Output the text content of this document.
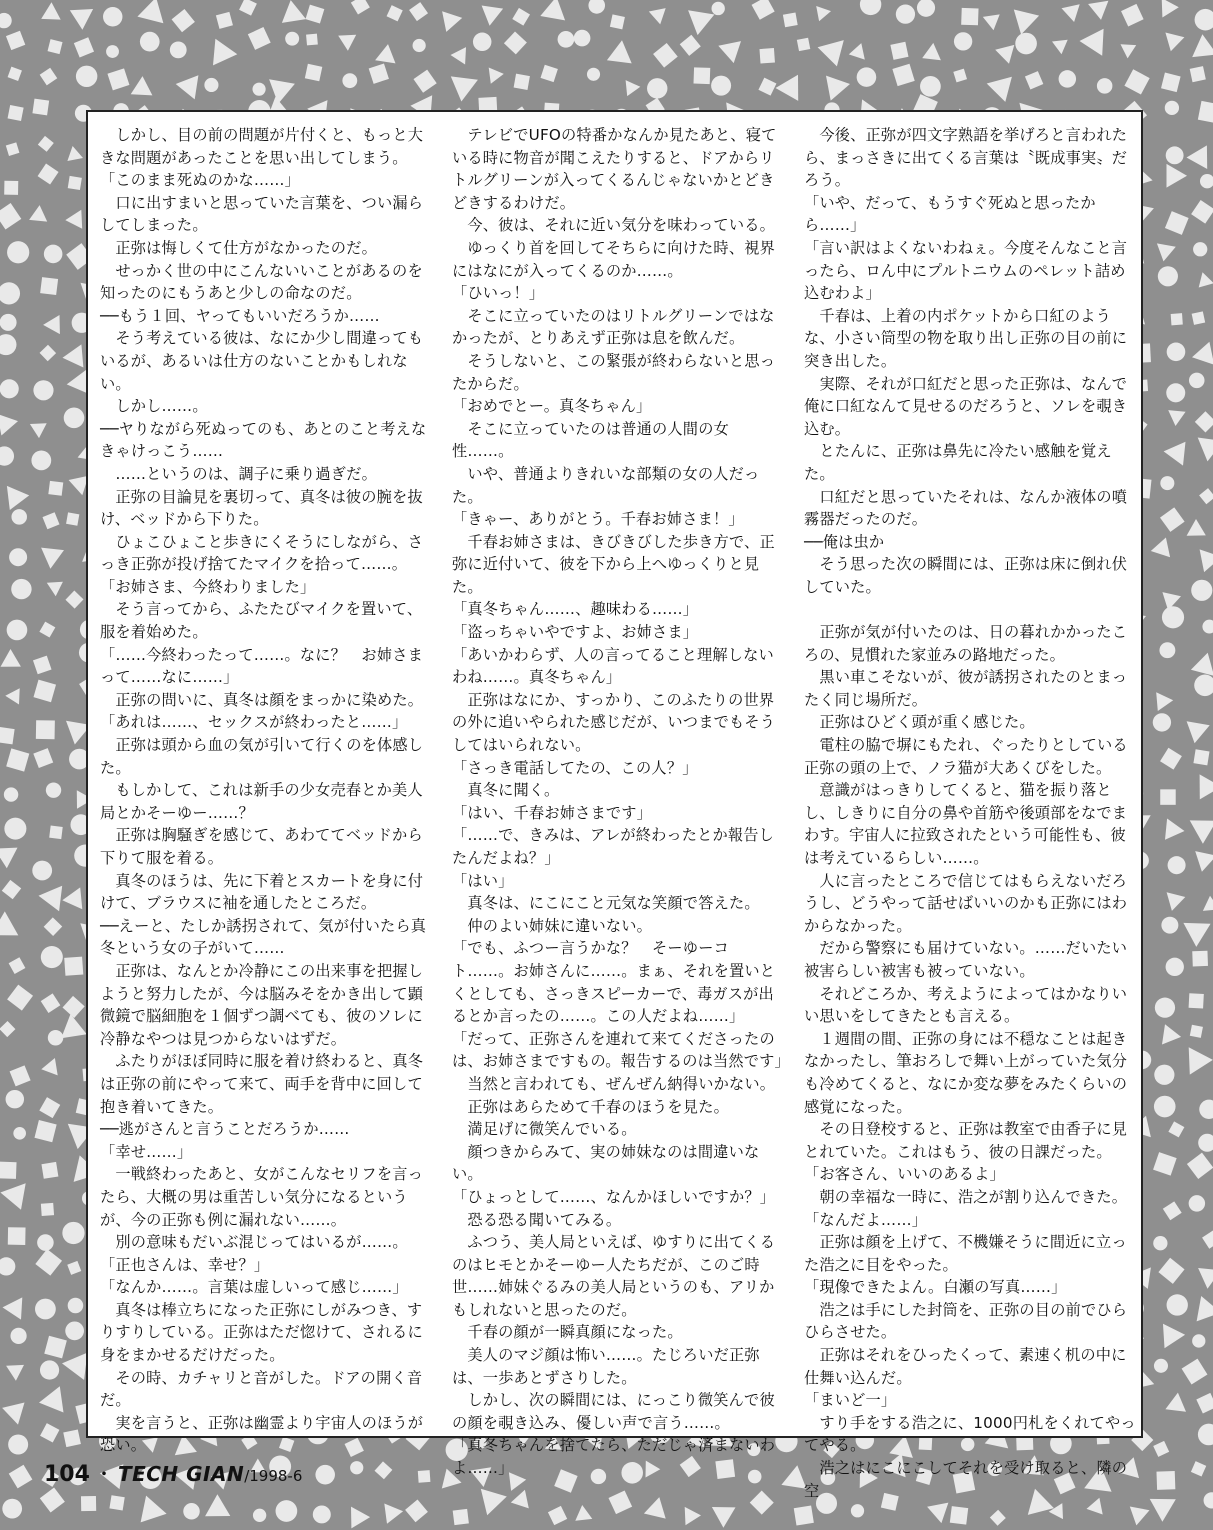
　しかし、目の前の問題が片付くと、もっと大きな問題があったことを思い出してしまう。

「このまま死ぬのかな……」

　口に出すまいと思っていた言葉を、つい漏らしてしまった。

　正弥は悔しくて仕方がなかったのだ。

　せっかく世の中にこんないいことがあるのを知ったのにもうあと少しの命なのだ。

──もう１回、ヤってもいいだろうか……

　そう考えている彼は、なにか少し間違ってもいるが、あるいは仕方のないことかもしれない。

　しかし……。

──ヤりながら死ぬってのも、あとのこと考えなきゃけっこう……

　……というのは、調子に乗り過ぎだ。

　正弥の目論見を裏切って、真冬は彼の腕を抜け、ベッドから下りた。

　ひょこひょこと歩きにくそうにしながら、さっき正弥が投げ捨てたマイクを拾って……。

「お姉さま、今終わりました」

　そう言ってから、ふたたびマイクを置いて、服を着始めた。

「……今終わったって……。なに？　お姉さまって……なに……」

　正弥の問いに、真冬は顔をまっかに染めた。

「あれは……、セックスが終わったと……」

　正弥は頭から血の気が引いて行くのを体感した。

　もしかして、これは新手の少女売春とか美人局とかそーゆー……？

　正弥は胸騒ぎを感じて、あわててベッドから下りて服を着る。

　真冬のほうは、先に下着とスカートを身に付けて、ブラウスに袖を通したところだ。

──えーと、たしか誘拐されて、気が付いたら真冬という女の子がいて……

　正弥は、なんとか冷静にこの出来事を把握しようと努力したが、今は脳みそをかき出して顕微鏡で脳細胞を１個ずつ調べても、彼のソレに冷静なやつは見つからないはずだ。

　ふたりがほぼ同時に服を着け終わると、真冬は正弥の前にやって来て、両手を背中に回して抱き着いてきた。

──逃がさんと言うことだろうか……

「幸せ……」

　一戦終わったあと、女がこんなセリフを言ったら、大概の男は重苦しい気分になるというが、今の正弥も例に漏れない……。

　別の意味もだいぶ混じってはいるが……。

「正也さんは、幸せ？」

「なんか……。言葉は虚しいって感じ……」

　真冬は棒立ちになった正弥にしがみつき、すりすりしている。正弥はただ惚けて、されるに身をまかせるだけだった。

　その時、カチャリと音がした。ドアの開く音だ。

　実を言うと、正弥は幽霊より宇宙人のほうが恐い。

　テレビでUFOの特番かなんか見たあと、寝ている時に物音が聞こえたりすると、ドアからリトルグリーンが入ってくるんじゃないかとどきどきするわけだ。

　今、彼は、それに近い気分を味わっている。

　ゆっくり首を回してそちらに向けた時、視界にはなにが入ってくるのか……。

「ひいっ！」

　そこに立っていたのはリトルグリーンではなかったが、とりあえず正弥は息を飲んだ。

　そうしないと、この緊張が終わらないと思ったからだ。

「おめでとー。真冬ちゃん」

　そこに立っていたのは普通の人間の女性……。

　いや、普通よりきれいな部類の女の人だった。

「きゃー、ありがとう。千春お姉さま！」

　千春お姉さまは、きびきびした歩き方で、正弥に近付いて、彼を下から上へゆっくりと見た。

「真冬ちゃん……、趣味わる……」

「盗っちゃいやですよ、お姉さま」

「あいかわらず、人の言ってること理解しないわね……。真冬ちゃん」

　正弥はなにか、すっかり、このふたりの世界の外に追いやられた感じだが、いつまでもそうしてはいられない。

「さっき電話してたの、この人？」

　真冬に聞く。

「はい、千春お姉さまです」

「……で、きみは、アレが終わったとか報告したんだよね？」

「はい」

　真冬は、にこにこと元気な笑顔で答えた。

　仲のよい姉妹に違いない。

「でも、ふつー言うかな？　そーゆーコト……。お姉さんに……。まぁ、それを置いとくとしても、さっきスピーカーで、毒ガスが出るとか言ったの……。この人だよね……」

「だって、正弥さんを連れて来てくださったのは、お姉さまですもの。報告するのは当然です」

　当然と言われても、ぜんぜん納得いかない。

　正弥はあらためて千春のほうを見た。

　満足げに微笑んでいる。

　顔つきからみて、実の姉妹なのは間違いない。

「ひょっとして……、なんかほしいですか？」

　恐る恐る聞いてみる。

　ふつう、美人局といえば、ゆすりに出てくるのはヒモとかそーゆー人たちだが、このご時世……姉妹ぐるみの美人局というのも、アリかもしれないと思ったのだ。

　千春の顔が一瞬真顔になった。

　美人のマジ顔は怖い……。たじろいだ正弥は、一歩あとずさりした。

　しかし、次の瞬間には、にっこり微笑んで彼の顔を覗き込み、優しい声で言う……。

「真冬ちゃんを捨てたら、ただじゃ済まないわよ……」

　今後、正弥が四文字熟語を挙げろと言われたら、まっさきに出てくる言葉は〝既成事実〟だろう。

「いや、だって、もうすぐ死ぬと思ったから……」

「言い訳はよくないわねぇ。今度そんなこと言ったら、ロん中にプルトニウムのペレット詰め込むわよ」

　千春は、上着の内ポケットから口紅のような、小さい筒型の物を取り出し正弥の目の前に突き出した。

　実際、それが口紅だと思った正弥は、なんで俺に口紅なんて見せるのだろうと、ソレを覗き込む。

　とたんに、正弥は鼻先に冷たい感触を覚えた。

　口紅だと思っていたそれは、なんか液体の噴霧器だったのだ。

──俺は虫か

　そう思った次の瞬間には、正弥は床に倒れ伏していた。

　正弥が気が付いたのは、日の暮れかかったころの、見慣れた家並みの路地だった。

　黒い車こそないが、彼が誘拐されたのとまったく同じ場所だ。

　正弥はひどく頭が重く感じた。

　電柱の脇で塀にもたれ、ぐったりとしている正弥の頭の上で、ノラ猫が大あくびをした。

　意識がはっきりしてくると、猫を振り落とし、しきりに自分の鼻や首筋や後頭部をなでまわす。宇宙人に拉致されたという可能性も、彼は考えているらしい……。

　人に言ったところで信じてはもらえないだろうし、どうやって話せばいいのかも正弥にはわからなかった。

　だから警察にも届けていない。……だいたい被害らしい被害も被っていない。

　それどころか、考えようによってはかなりいい思いをしてきたとも言える。

　１週間の間、正弥の身には不穏なことは起きなかったし、筆おろしで舞い上がっていた気分も冷めてくると、なにか変な夢をみたくらいの感覚になった。

　その日登校すると、正弥は教室で由香子に見とれていた。これはもう、彼の日課だった。

「お客さん、いいのあるよ」

　朝の幸福な一時に、浩之が割り込んできた。

「なんだよ……」

　正弥は顔を上げて、不機嫌そうに間近に立った浩之に目をやった。

「現像できたよん。白瀬の写真……」

　浩之は手にした封筒を、正弥の目の前でひらひらさせた。

　正弥はそれをひったくって、素速く机の中に仕舞い込んだ。

「まいど一」

　すり手をする浩之に、1000円札をくれてやってやる。

　浩之はにこにこしてそれを受け取ると、隣の空

104 ・ TECH GIAN /1998-6
